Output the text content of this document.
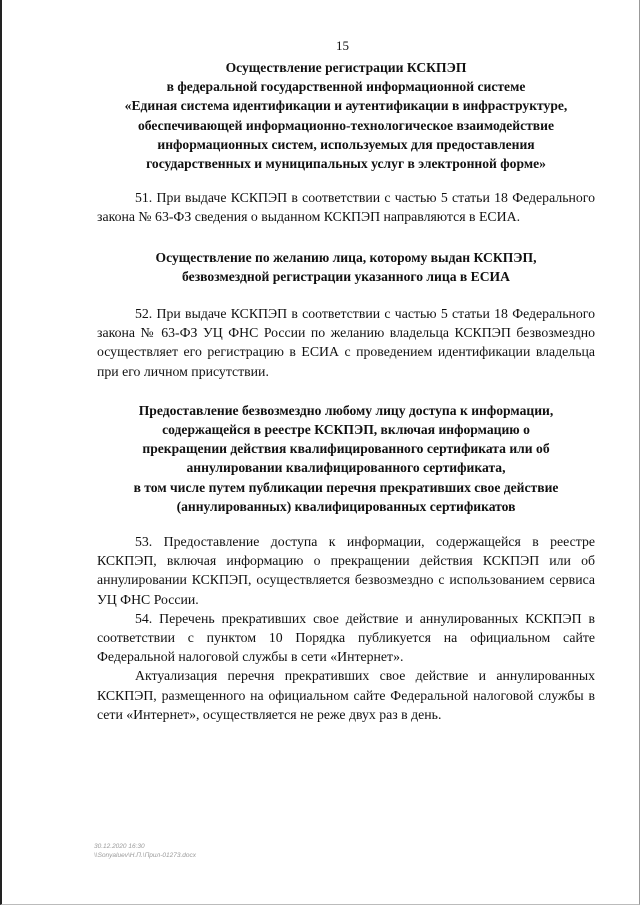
15
Осуществление регистрации КСКПЭП
в федеральной государственной информационной системе
«Единая система идентификации и аутентификации в инфраструктуре,
обеспечивающей информационно-технологическое взаимодействие
информационных систем, используемых для предоставления
государственных и муниципальных услуг в электронной форме»

51. При выдаче КСКПЭП в соответствии с частью 5 статьи 18 Федерального закона № 63-ФЗ сведения о выданном КСКПЭП направляются в ЕСИА.

Осуществление по желанию лица, которому выдан КСКПЭП,
безвозмездной регистрации указанного лица в ЕСИА

52. При выдаче КСКПЭП в соответствии с частью 5 статьи 18 Федерального закона № 63-ФЗ УЦ ФНС России по желанию владельца КСКПЭП безвозмездно осуществляет его регистрацию в ЕСИА с проведением идентификации владельца при его личном присутствии.

Предоставление безвозмездно любому лицу доступа к информации,
содержащейся в реестре КСКПЭП, включая информацию о
прекращении действия квалифицированного сертификата или об
аннулировании квалифицированного сертификата,
в том числе путем публикации перечня прекративших свое действие
(аннулированных) квалифицированных сертификатов

53. Предоставление доступа к информации, содержащейся в реестре КСКПЭП, включая информацию о прекращении действия КСКПЭП или об аннулировании КСКПЭП, осуществляется безвозмездно с использованием сервиса УЦ ФНС России.

54. Перечень прекративших свое действие и аннулированных КСКПЭП в соответствии с пунктом 10 Порядка публикуется на официальном сайте Федеральной налоговой службы в сети «Интернет».

Актуализация перечня прекративших свое действие и аннулированных КСКПЭП, размещенного на официальном сайте Федеральной налоговой службы в сети «Интернет», осуществляется не реже двух раз в день.

30.12.2020 16:30
\\Sonyaluev\Н.П.\Прил-01273.docx
